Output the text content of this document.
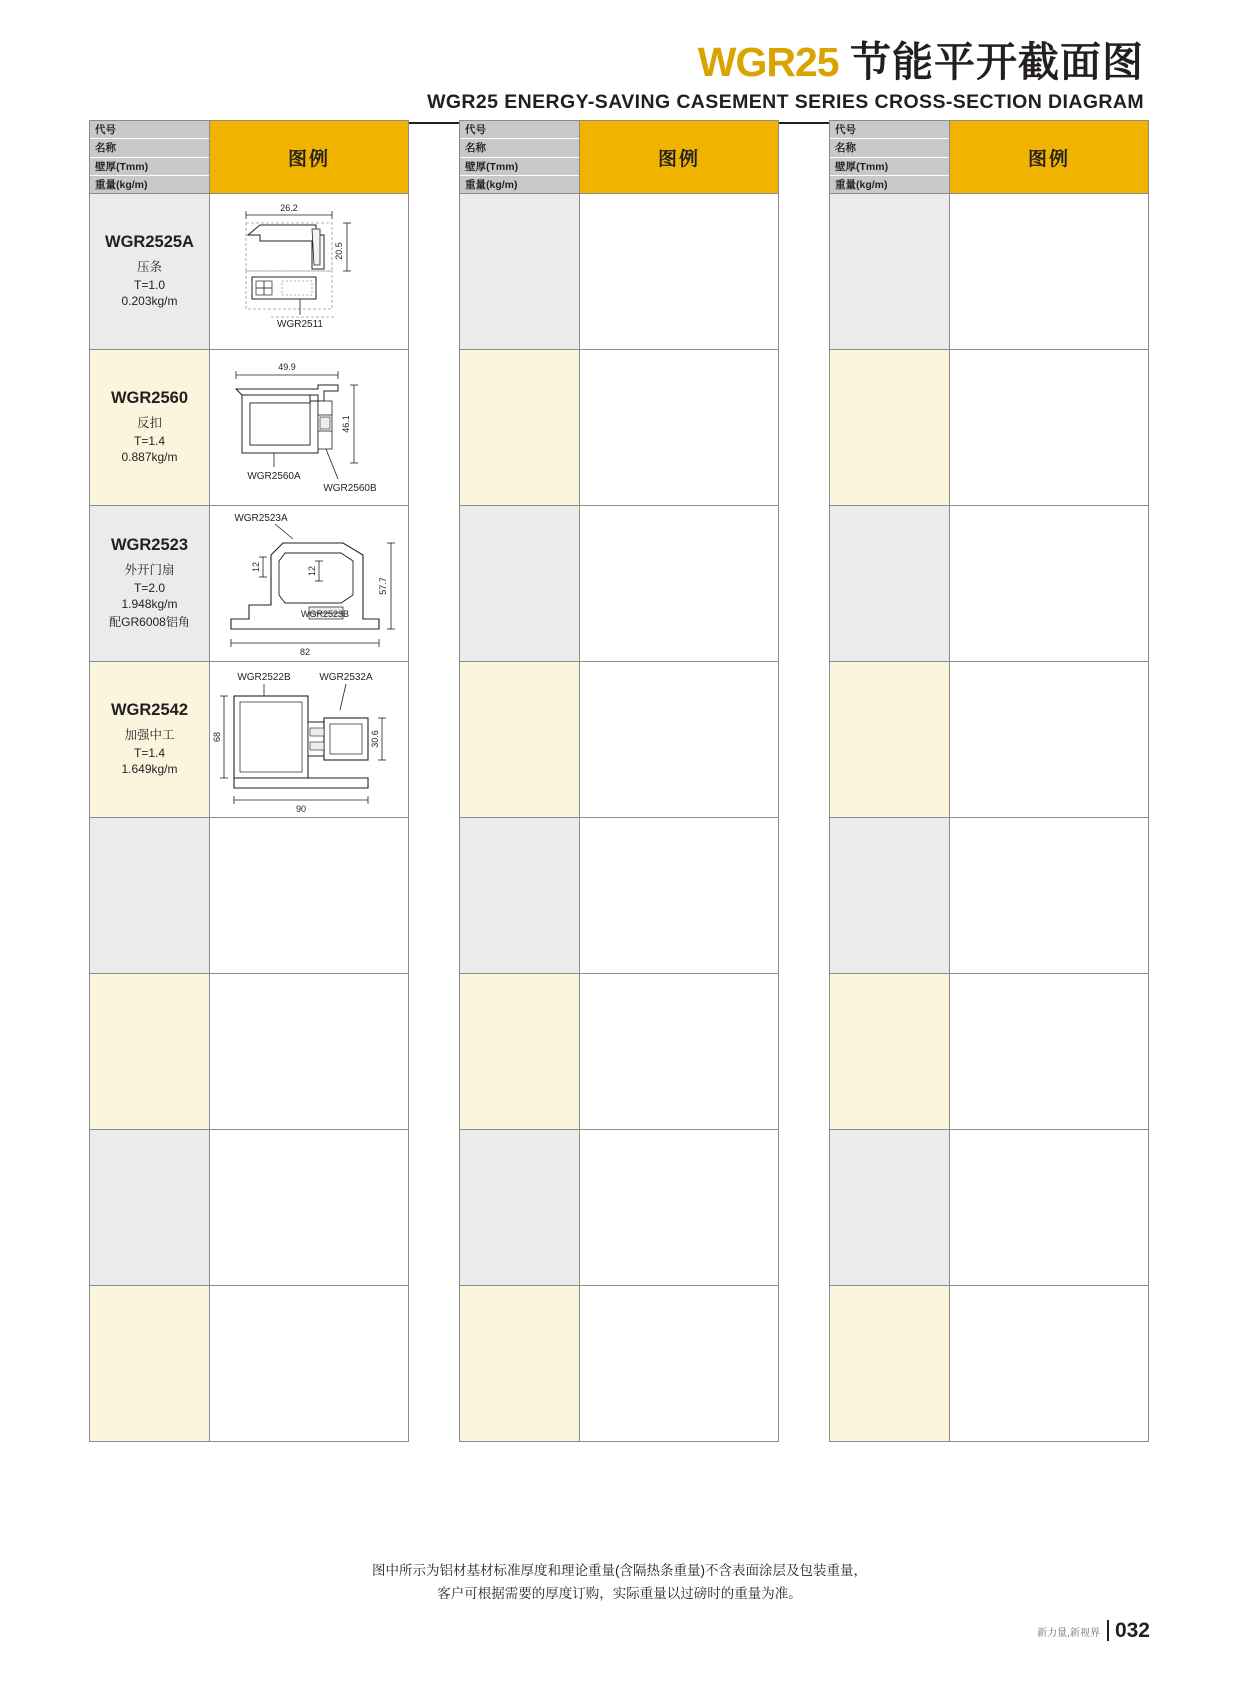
WGR25 节能平开截面图
WGR25 ENERGY-SAVING CASEMENT SERIES CROSS-SECTION DIAGRAM
代号
名称
壁厚(Tmm)
重量(kg/m)
图例
WGR2525A
压条
T=1.0
0.203kg/m
26.2
20.5
WGR2511
WGR2560
反扣
T=1.4
0.887kg/m
49.9
46.1
WGR2560A
WGR2560B
WGR2523
外开门扇
T=2.0
1.948kg/m
配GR6008铝角
WGR2523A
12	12
57.7
82
WGR2523B
WGR2542
加强中工
T=1.4
1.649kg/m
WGR2522B	WGR2532A
68	30.6
90
代号
名称
壁厚(Tmm)
重量(kg/m)
图例
代号
名称
壁厚(Tmm)
重量(kg/m)
图例
图中所示为铝材基材标准厚度和理论重量(含隔热条重量)不含表面涂层及包装重量，
客户可根据需要的厚度订购，实际重量以过磅时的重量为准。
新力量,新视界 032
